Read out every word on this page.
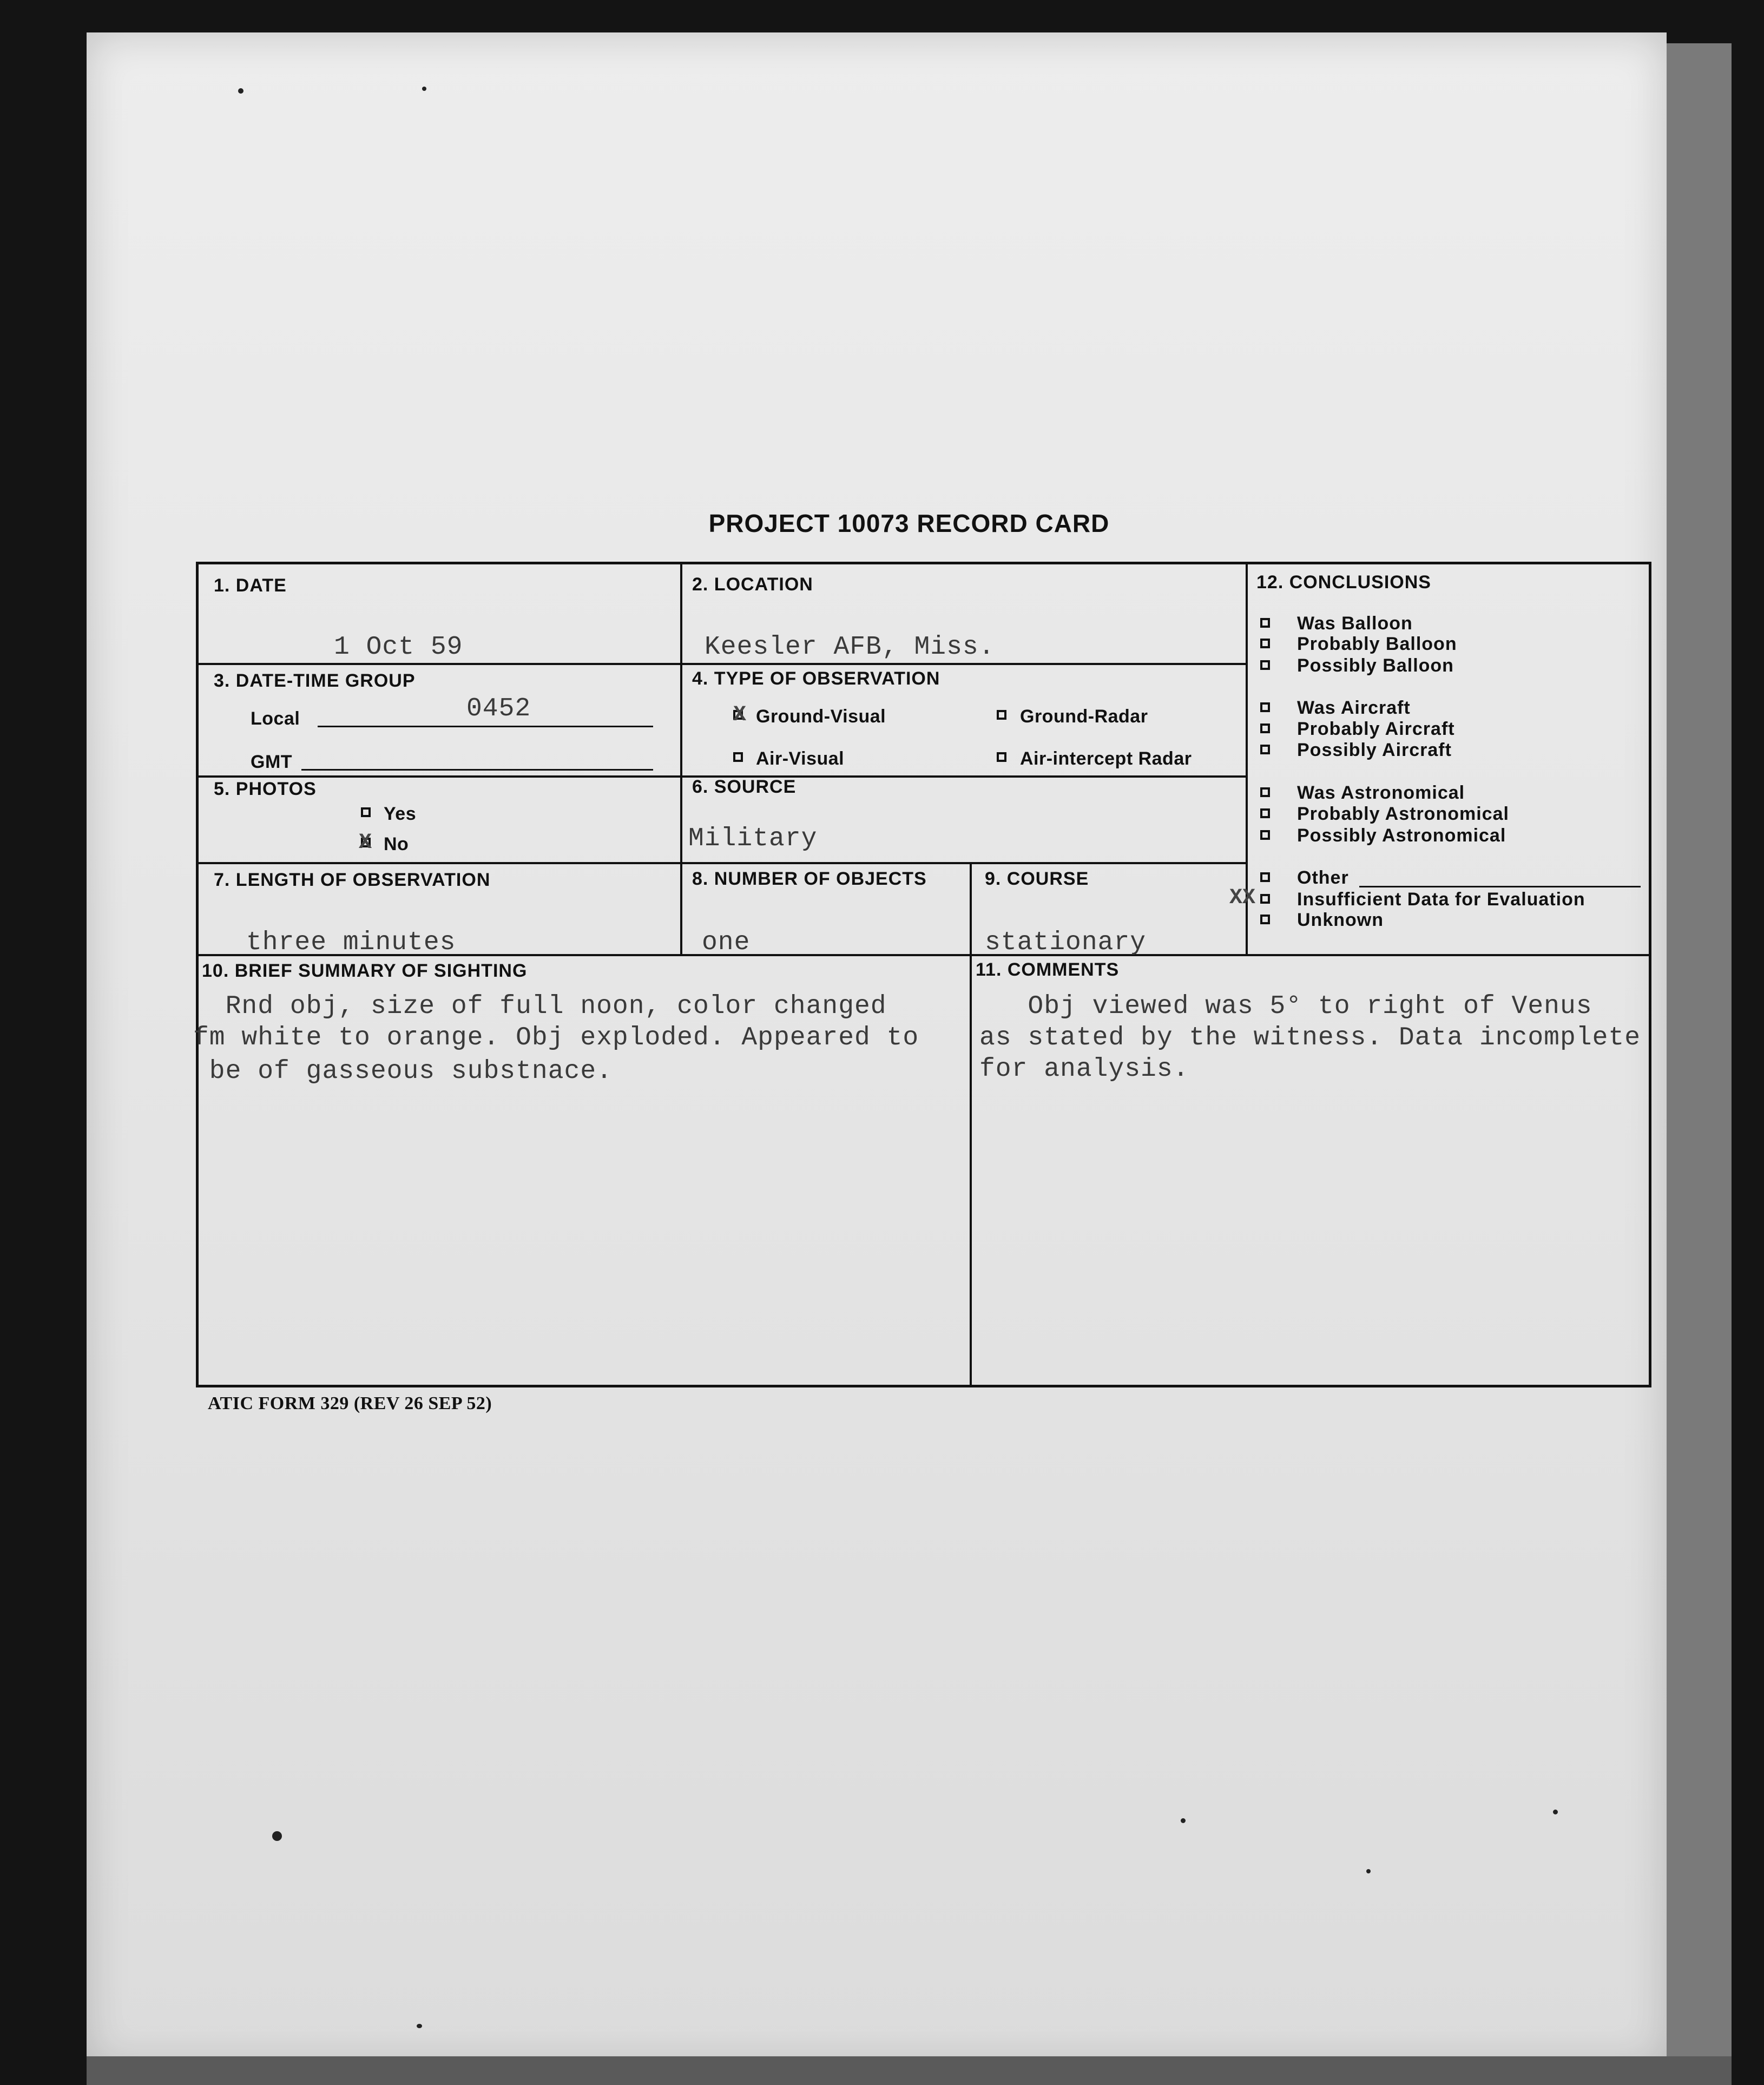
PROJECT 10073 RECORD CARD
1. DATE
1 Oct 59
2. LOCATION
Keesler AFB, Miss.
3. DATE-TIME GROUP
Local	0452
GMT
4. TYPE OF OBSERVATION
X Ground-Visual	Ground-Radar
Air-Visual	Air-intercept Radar
5. PHOTOS
Yes
X No
6. SOURCE
Military
7. LENGTH OF OBSERVATION
three minutes
8. NUMBER OF OBJECTS
one
9. COURSE
stationary
12. CONCLUSIONS
Was Balloon
Probably Balloon
Possibly Balloon
Was Aircraft
Probably Aircraft
Possibly Aircraft
Was Astronomical
Probably Astronomical
Possibly Astronomical
Other
XX Insufficient Data for Evaluation
Unknown
10. BRIEF SUMMARY OF SIGHTING
Rnd obj, size of full noon, color changed
fm white to orange. Obj exploded. Appeared to
be of gasseous substnace.
11. COMMENTS
Obj viewed was 5° to right of Venus
as stated by the witness. Data incomplete
for analysis.
ATIC FORM 329 (REV 26 SEP 52)
